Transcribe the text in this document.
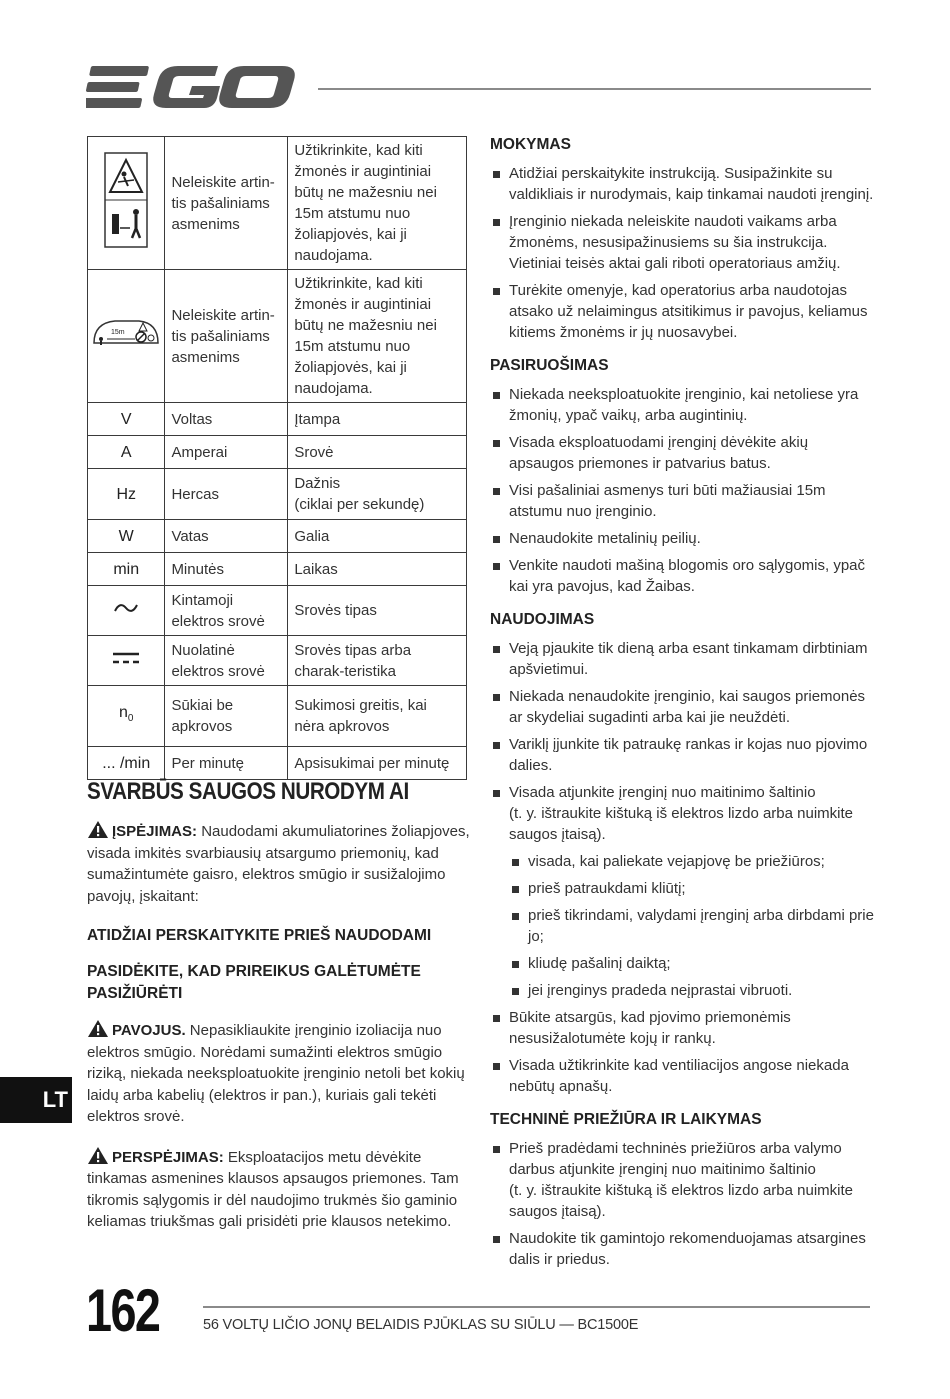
	Neleiskite artin-tis pašaliniams asmenims	Užtikrinkite, kad kiti žmonės ir augintiniai būtų ne mažesniu nei 15m atstumu nuo žoliapjovės, kai ji naudojama.

15m	Neleiskite artin-tis pašaliniams asmenims	Užtikrinkite, kad kiti žmonės ir augintiniai būtų ne mažesniu nei 15m atstumu nuo žoliapjovės, kai ji naudojama.
V	Voltas	Įtampa
A	Amperai	Srovė
Hz	Hercas	Dažnis
(ciklai per sekundę)
W	Vatas	Galia
min	Minutės	Laikas
	Kintamoji elektros srovė	Srovės tipas
	Nuolatinė elektros srovė	Srovės tipas arba charak-teristika
$n_0$	Sūkiai be apkrovos	Sukimosi greitis, kai nėra apkrovos
... /min	Per minutę	Apsisukimai per minutę
SVARBŪS SAUGOS NURODYM AI

ĮSPĖJIMAS: Naudodami akumuliatorines žoliapjoves, visada imkitės svarbiausių atsargumo priemonių, kad sumažintumėte gaisro, elektros smūgio ir susižalojimo pavojų, įskaitant:

ATIDŽIAI PERSKAITYKITE PRIEŠ NAUDODAMI
PASIDĖKITE, KAD PRIREIKUS GALĖTUMĖTE PASIŽIŪRĖTI

PAVOJUS. Nepasikliaukite įrenginio izoliacija nuo elektros smūgio. Norėdami sumažinti elektros smūgio riziką, niekada neeksploatuokite įrenginio netoli bet kokių laidų arba kabelių (elektros ir pan.), kuriais gali tekėti elektros srovė.

PERSPĖJIMAS: Eksploatacijos metu dėvėkite tinkamas asmenines klausos apsaugos priemones. Tam tikromis sąlygomis ir dėl naudojimo trukmės šio gaminio keliamas triukšmas gali prisidėti prie klausos netekimo.

MOKYMAS
Atidžiai perskaitykite instrukciją. Susipažinkite su valdikliais ir nurodymais, kaip tinkamai naudoti įrenginį.
Įrenginio niekada neleiskite naudoti vaikams arba žmonėms, nesusipažinusiems su šia instrukcija. Vietiniai teisės aktai gali riboti operatoriaus amžių.
Turėkite omenyje, kad operatorius arba naudotojas atsako už nelaimingus atsitikimus ir pavojus, keliamus kitiems žmonėms ir jų nuosavybei.
PASIRUOŠIMAS
Niekada neeksploatuokite įrenginio, kai netoliese yra žmonių, ypač vaikų, arba augintinių.
Visada eksploatuodami įrenginį dėvėkite akių apsaugos priemones ir patvarius batus.
Visi pašaliniai asmenys turi būti mažiausiai 15m atstumu nuo įrenginio.
Nenaudokite metalinių peilių.
Venkite naudoti mašiną blogomis oro sąlygomis, ypač kai yra pavojus, kad Žaibas.
NAUDOJIMAS
Veją pjaukite tik dieną arba esant tinkamam dirbtiniam apšvietimui.
Niekada nenaudokite įrenginio, kai saugos priemonės ar skydeliai sugadinti arba kai jie neuždėti.
Variklį įjunkite tik patraukę rankas ir kojas nuo pjovimo dalies.
Visada atjunkite įrenginį nuo maitinimo šaltinio
(t. y. ištraukite kištuką iš elektros lizdo arba nuimkite saugos įtaisą).
visada, kai paliekate vejapjovę be priežiūros;
prieš patraukdami kliūtį;
prieš tikrindami, valydami įrenginį arba dirbdami prie jo;
kliudę pašalinį daiktą;
jei įrenginys pradeda neįprastai vibruoti.
Būkite atsargūs, kad pjovimo priemonėmis nesusižalotumėte kojų ir rankų.
Visada užtikrinkite kad ventiliacijos angose niekada nebūtų apnašų.
TECHNINĖ PRIEŽIŪRA IR LAIKYMAS
Prieš pradėdami techninės priežiūros arba valymo darbus atjunkite įrenginį nuo maitinimo šaltinio
(t. y. ištraukite kištuką iš elektros lizdo arba nuimkite saugos įtaisą).
Naudokite tik gamintojo rekomenduojamas atsargines dalis ir priedus.
LT
162	56 VOLTŲ LIČIO JONŲ BELAIDIS PJŪKLAS SU SIŪLU — BC1500E
